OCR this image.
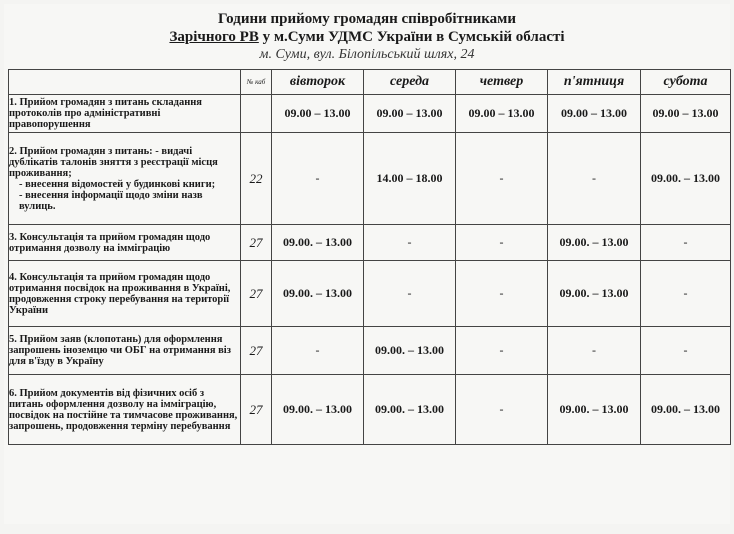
Години прийому громадян співробітниками
Зарічного РВ у м.Суми УДМС України в Сумській області
м. Суми, вул. Білопільський шлях, 24
	№ каб	вівторок	середа	четвер	п'ятниця	субота

1. Прийом громадян з питань складання протоколів про адміністративні правопорушення		09.00 – 13.00	09.00 – 13.00	09.00 – 13.00	09.00 – 13.00	09.00 – 13.00

2. Прийом громадян з питань: - видачі дублікатів талонів зняття з реєстрації місця проживання;
- внесення відомостей у будинкові книги;
- внесення інформації щодо зміни назв вулиць.	22	-	14.00 – 18.00	-	-	09.00. – 13.00

3. Консультація та прийом громадян щодо отримання дозволу на імміграцію	27	09.00. – 13.00	-	-	09.00. – 13.00	-

4. Консультація та прийом громадян щодо отримання посвідок на проживання в Україні, продовження строку перебування на території України	27	09.00. – 13.00	-	-	09.00. – 13.00	-

5. Прийом заяв (клопотань) для оформлення запрошень іноземцю чи ОБГ на отримання віз для в'їзду в Україну	27	-	09.00. – 13.00	-	-	-

6. Прийом документів від фізичних осіб з питань оформлення дозволу на імміграцію, посвідок на постійне та тимчасове проживання, запрошень, продовження терміну перебування	27	09.00. – 13.00	09.00. – 13.00	-	09.00. – 13.00	09.00. – 13.00
